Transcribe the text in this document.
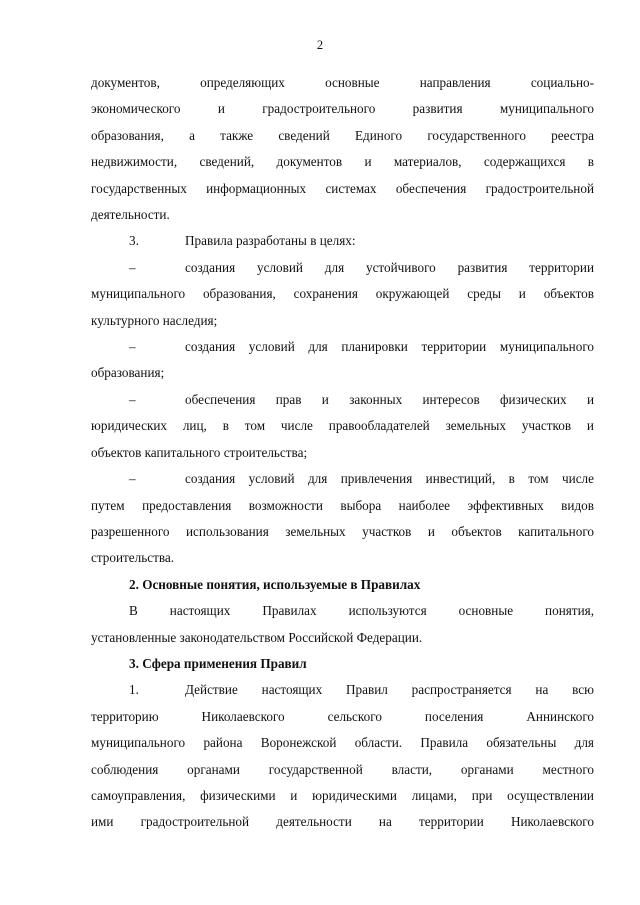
2

документов, определяющих основные направления социально-

экономического и градостроительного развития муниципального

образования, а также сведений Единого государственного реестра

недвижимости, сведений, документов и материалов, содержащихся в

государственных информационных системах обеспечения градостроительной

деятельности.

3.	Правила разработаны в целях:

–	создания условий для устойчивого развития территории

муниципального образования, сохранения окружающей среды и объектов

культурного наследия;

–	создания условий для планировки территории муниципального

образования;

–	обеспечения прав и законных интересов физических и

юридических лиц, в том числе правообладателей земельных участков и

объектов капитального строительства;

–	создания условий для привлечения инвестиций, в том числе

путем предоставления возможности выбора наиболее эффективных видов

разрешенного использования земельных участков и объектов капитального

строительства.

2. Основные понятия, используемые в Правилах

В настоящих Правилах используются основные понятия,

установленные законодательством Российской Федерации.

3. Сфера применения Правил

1.	Действие настоящих Правил распространяется на всю

территорию Николаевского сельского поселения Аннинского

муниципального района Воронежской области. Правила обязательны для

соблюдения органами государственной власти, органами местного

самоуправления, физическими и юридическими лицами, при осуществлении

ими градостроительной деятельности на территории Николаевского
